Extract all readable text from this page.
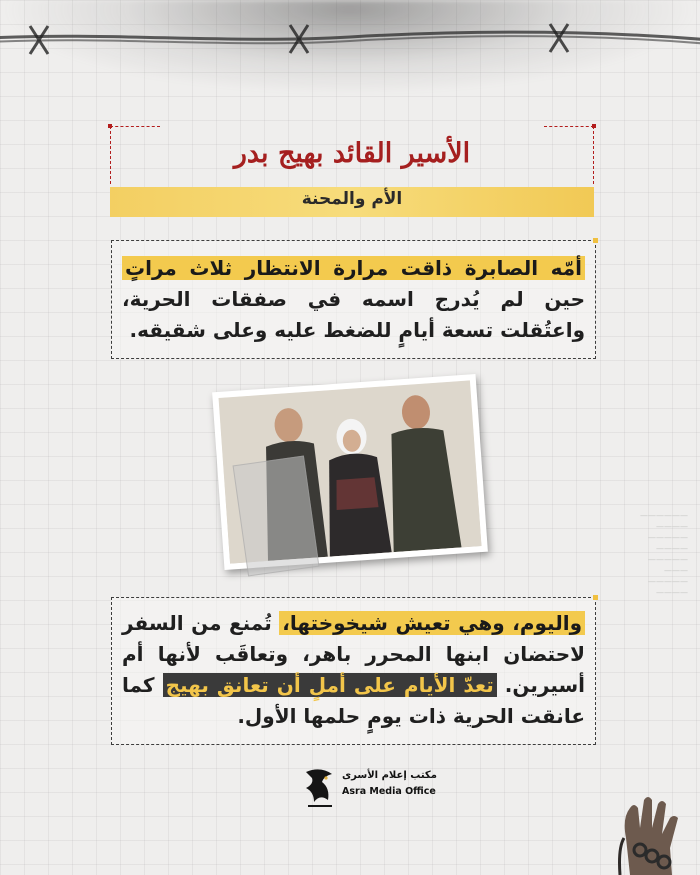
الأسير القائد بهيج بدر
الأم والمحنة
أمّه الصابرة ذاقت مرارة الانتظار ثلاث مراتٍ حين لم يُدرج اسمه في صفقات الحرية، واعتُقلت تسعة أيامٍ للضغط عليه وعلى شقيقه.
——————
————
—————
————
—————
———
—————
————
واليوم، وهي تعيش شيخوختها، تُمنع من السفر لاحتضان ابنها المحرر باهر، وتعاقَب لأنها أم أسيرين. تعدّ الأيام على أملٍ أن تعانق بهيج كما عانقت الحرية ذات يومٍ حلمها الأول.
مكتب إعلام الأسرى
Asra Media Office
